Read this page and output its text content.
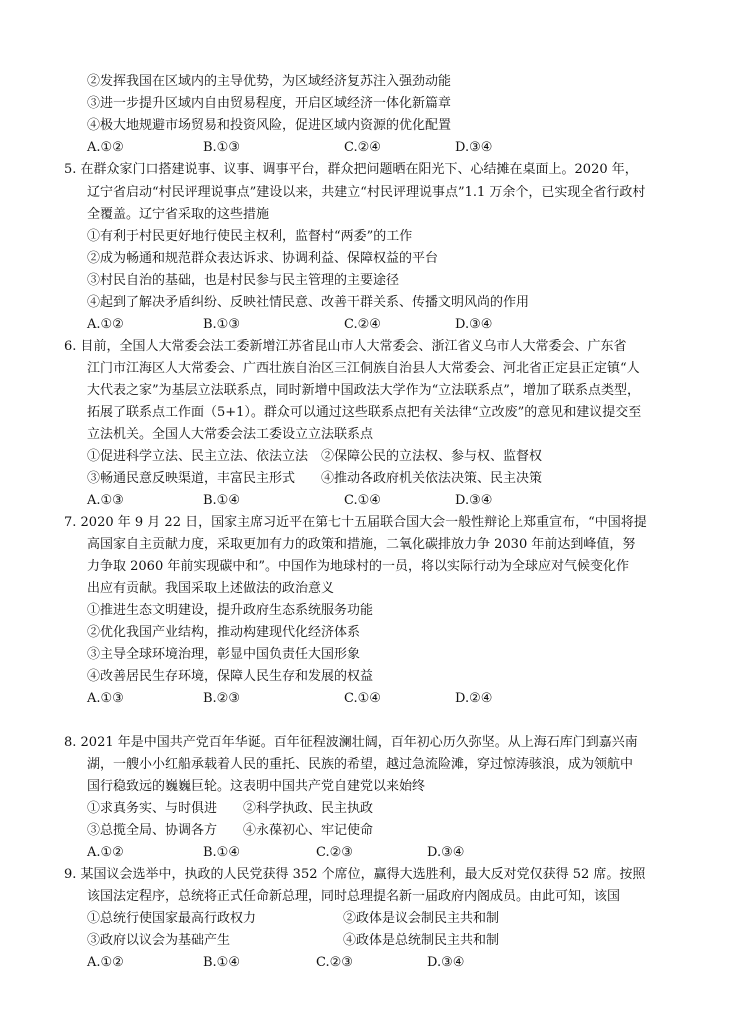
②发挥我国在区域内的主导优势，为区域经济复苏注入强劲动能
③进一步提升区域内自由贸易程度，开启区域经济一体化新篇章
④极大地规避市场贸易和投资风险，促进区域内资源的优化配置
A.①②	B.①③	C.②④	D.③④
5. 在群众家门口搭建说事、议事、调事平台，群众把问题晒在阳光下、心结摊在桌面上。2020 年，
辽宁省启动“村民评理说事点”建设以来，共建立“村民评理说事点”1.1 万余个，已实现全省行政村
全覆盖。辽宁省采取的这些措施
①有利于村民更好地行使民主权利，监督村“两委”的工作
②成为畅通和规范群众表达诉求、协调利益、保障权益的平台
③村民自治的基础，也是村民参与民主管理的主要途径
④起到了解决矛盾纠纷、反映社情民意、改善干群关系、传播文明风尚的作用
A.①②	B.①③	C.②④	D.③④
6. 目前，全国人大常委会法工委新增江苏省昆山市人大常委会、浙江省义乌市人大常委会、广东省
江门市江海区人大常委会、广西壮族自治区三江侗族自治县人大常委会、河北省正定县正定镇“人
大代表之家”为基层立法联系点，同时新增中国政法大学作为“立法联系点”，增加了联系点类型，
拓展了联系点工作面（5+1）。群众可以通过这些联系点把有关法律“立改废”的意见和建议提交至
立法机关。全国人大常委会法工委设立立法联系点
①促进科学立法、民主立法、依法立法　②保障公民的立法权、参与权、监督权
③畅通民意反映渠道，丰富民主形式　　④推动各政府机关依法决策、民主决策
A.①③	B.①④	C.①④	D.③④
7. 2020 年 9 月 22 日，国家主席习近平在第七十五届联合国大会一般性辩论上郑重宣布，“中国将提
高国家自主贡献力度，采取更加有力的政策和措施，二氧化碳排放力争 2030 年前达到峰值，努
力争取 2060 年前实现碳中和”。中国作为地球村的一员，将以实际行动为全球应对气候变化作
出应有贡献。我国采取上述做法的政治意义
①推进生态文明建设，提升政府生态系统服务功能
②优化我国产业结构，推动构建现代化经济体系
③主导全球环境治理，彰显中国负责任大国形象
④改善居民生存环境，保障人民生存和发展的权益
A.①③	B.②③	C.①④	D.②④
8. 2021 年是中国共产党百年华诞。百年征程波澜壮阔，百年初心历久弥坚。从上海石库门到嘉兴南
湖，一艘小小红船承载着人民的重托、民族的希望，越过急流险滩，穿过惊涛骇浪，成为领航中
国行稳致远的巍巍巨轮。这表明中国共产党自建党以来始终
①求真务实、与时俱进　　②科学执政、民主执政
③总揽全局、协调各方　　④永葆初心、牢记使命
A.①②	B.①④	C.②③	D.③④
9. 某国议会选举中，执政的人民党获得 352 个席位，赢得大选胜利，最大反对党仅获得 52 席。按照
该国法定程序，总统将正式任命新总理，同时总理提名新一届政府内阁成员。由此可知，该国
①总统行使国家最高行政权力	②政体是议会制民主共和制
③政府以议会为基础产生	④政体是总统制民主共和制
A.①②	B.①④	C.②③	D.③④
